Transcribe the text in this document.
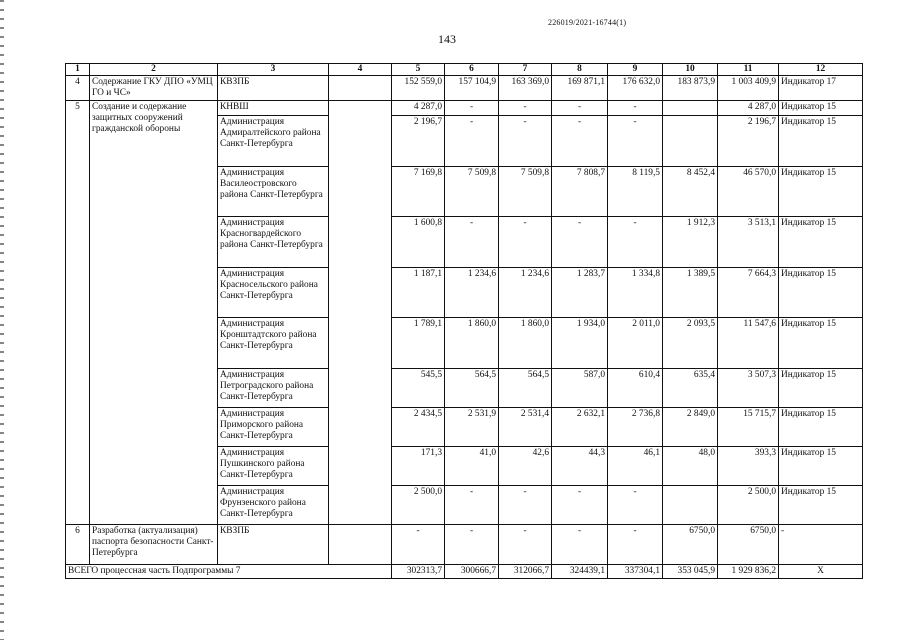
226019/2021-16744(1)
143
1	2	3	4	5	6	7	8	9	10	11	12
4	Содержание ГКУ ДПО «УМЦ ГО и ЧС»	КВЗПБ		152 559,0	157 104,9	163 369,0	169 871,1	176 632,0	183 873,9	1 003 409,9	Индикатор 17
5	Создание и содержание защитных сооружений гражданской обороны	КНВШ		4 287,0	-	-	-	-		4 287,0	Индикатор 15
		Администрация Адмиралтейского района Санкт-Петербурга		2 196,7	-	-	-	-		2 196,7	Индикатор 15
		Администрация Василеостровского района Санкт-Петербурга		7 169,8	7 509,8	7 509,8	7 808,7	8 119,5	8 452,4	46 570,0	Индикатор 15
		Администрация Красногвардейского района Санкт-Петербурга		1 600,8	-	-	-	-	1 912,3	3 513,1	Индикатор 15
		Администрация Красносельского района Санкт-Петербурга		1 187,1	1 234,6	1 234,6	1 283,7	1 334,8	1 389,5	7 664,3	Индикатор 15
		Администрация Кронштадтского района Санкт-Петербурга		1 789,1	1 860,0	1 860,0	1 934,0	2 011,0	2 093,5	11 547,6	Индикатор 15
		Администрация Петроградского района Санкт-Петербурга		545,5	564,5	564,5	587,0	610,4	635,4	3 507,3	Индикатор 15
		Администрация Приморского района Санкт-Петербурга		2 434,5	2 531,9	2 531,4	2 632,1	2 736,8	2 849,0	15 715,7	Индикатор 15
		Администрация Пушкинского района Санкт-Петербурга		171,3	41,0	42,6	44,3	46,1	48,0	393,3	Индикатор 15
		Администрация Фрунзенского района Санкт-Петербурга		2 500,0	-	-	-	-		2 500,0	Индикатор 15
6	Разработка (актуализация) паспорта безопасности Санкт-Петербурга	КВЗПБ		-	-	-	-	-	6750,0	6750,0	-
ВСЕГО процессная часть Подпрограммы 7				302313,7	300666,7	312066,7	324439,1	337304,1	353 045,9	1 929 836,2	X
